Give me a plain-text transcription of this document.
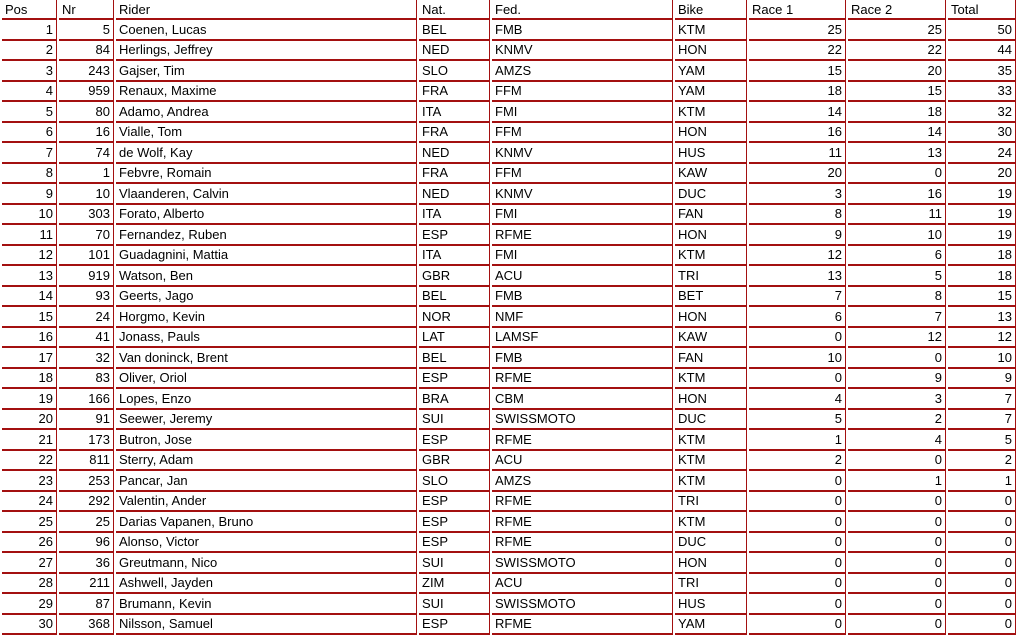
Pos	Nr	Rider	Nat.	Fed.	Bike	Race 1	Race 2	Total
1	5	Coenen, Lucas	BEL	FMB	KTM	25	25	50
2	84	Herlings, Jeffrey	NED	KNMV	HON	22	22	44
3	243	Gajser, Tim	SLO	AMZS	YAM	15	20	35
4	959	Renaux, Maxime	FRA	FFM	YAM	18	15	33
5	80	Adamo, Andrea	ITA	FMI	KTM	14	18	32
6	16	Vialle, Tom	FRA	FFM	HON	16	14	30
7	74	de Wolf, Kay	NED	KNMV	HUS	11	13	24
8	1	Febvre, Romain	FRA	FFM	KAW	20	0	20
9	10	Vlaanderen, Calvin	NED	KNMV	DUC	3	16	19
10	303	Forato, Alberto	ITA	FMI	FAN	8	11	19
11	70	Fernandez, Ruben	ESP	RFME	HON	9	10	19
12	101	Guadagnini, Mattia	ITA	FMI	KTM	12	6	18
13	919	Watson, Ben	GBR	ACU	TRI	13	5	18
14	93	Geerts, Jago	BEL	FMB	BET	7	8	15
15	24	Horgmo, Kevin	NOR	NMF	HON	6	7	13
16	41	Jonass, Pauls	LAT	LAMSF	KAW	0	12	12
17	32	Van doninck, Brent	BEL	FMB	FAN	10	0	10
18	83	Oliver, Oriol	ESP	RFME	KTM	0	9	9
19	166	Lopes, Enzo	BRA	CBM	HON	4	3	7
20	91	Seewer, Jeremy	SUI	SWISSMOTO	DUC	5	2	7
21	173	Butron, Jose	ESP	RFME	KTM	1	4	5
22	811	Sterry, Adam	GBR	ACU	KTM	2	0	2
23	253	Pancar, Jan	SLO	AMZS	KTM	0	1	1
24	292	Valentin, Ander	ESP	RFME	TRI	0	0	0
25	25	Darias Vapanen, Bruno	ESP	RFME	KTM	0	0	0
26	96	Alonso, Victor	ESP	RFME	DUC	0	0	0
27	36	Greutmann, Nico	SUI	SWISSMOTO	HON	0	0	0
28	211	Ashwell, Jayden	ZIM	ACU	TRI	0	0	0
29	87	Brumann, Kevin	SUI	SWISSMOTO	HUS	0	0	0
30	368	Nilsson, Samuel	ESP	RFME	YAM	0	0	0
